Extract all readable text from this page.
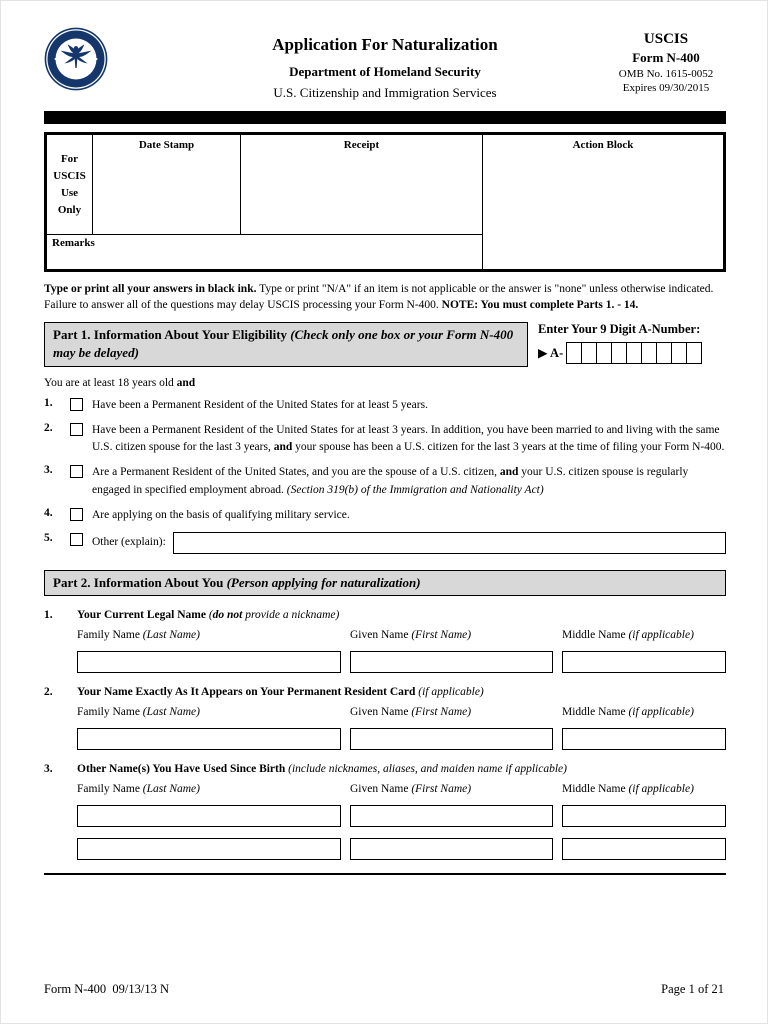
Application For Naturalization
Department of Homeland Security
U.S. Citizenship and Immigration Services
USCIS
Form N-400
OMB No. 1615-0052
Expires 09/30/2015
For
USCIS
Use
Only
Date Stamp	Receipt	Action Block
Remarks

Type or print all your answers in black ink. Type or print "N/A" if an item is not applicable or the answer is "none" unless otherwise indicated. Failure to answer all of the questions may delay USCIS processing your Form N-400. NOTE: You must complete Parts 1. - 14.

Part 1. Information About Your Eligibility (Check only one box or your Form N-400 may be delayed)
Enter Your 9 Digit A-Number:
▶ A-
You are at least 18 years old and
1.	Have been a Permanent Resident of the United States for at least 5 years.
2.	Have been a Permanent Resident of the United States for at least 3 years. In addition, you have been married to and living with the same U.S. citizen spouse for the last 3 years, and your spouse has been a U.S. citizen for the last 3 years at the time of filing your Form N-400.
3.	Are a Permanent Resident of the United States, and you are the spouse of a U.S. citizen, and your U.S. citizen spouse is regularly engaged in specified employment abroad. (Section 319(b) of the Immigration and Nationality Act)
4.	Are applying on the basis of qualifying military service.
5.	Other (explain):
Part 2. Information About You (Person applying for naturalization)
1.	Your Current Legal Name (do not provide a nickname)
Family Name (Last Name)	Given Name (First Name)	Middle Name (if applicable)
2.	Your Name Exactly As It Appears on Your Permanent Resident Card (if applicable)
Family Name (Last Name)	Given Name (First Name)	Middle Name (if applicable)
3.	Other Name(s) You Have Used Since Birth (include nicknames, aliases, and maiden name if applicable)
Family Name (Last Name)	Given Name (First Name)	Middle Name (if applicable)
Form N-400  09/13/13 N	Page 1 of 21
